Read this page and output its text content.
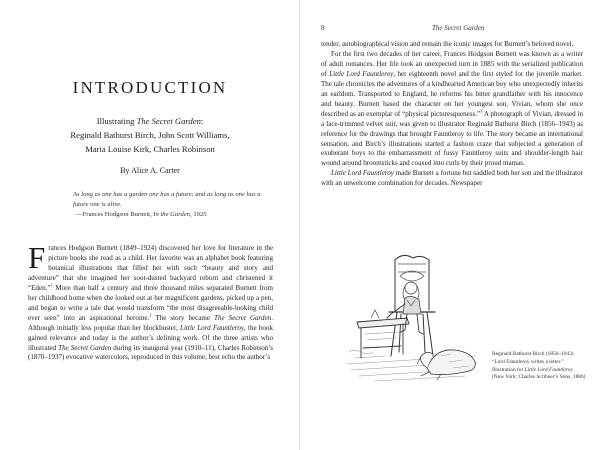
INTRODUCTION
Illustrating The Secret Garden:
Reginald Bathurst Birch, John Scott Williams,
Maria Louise Kirk, Charles Robinson
By Alice A. Carter
As long as one has a garden one has a future; and as long as one has a future one is alive.
—Frances Hodgson Burnett, In the Garden, 1925
Frances Hodgson Burnett (1849–1924) discovered her love for literature in the picture books she read as a child. Her favorite was an alphabet book featuring botanical illustrations that filled her with such “beauty and story and adventure” that she imagined her soot-dusted backyard reborn and christened it “Eden.”$^1$ More than half a century and three thousand miles separated Burnett from her childhood home when she looked out at her magnificent gardens, picked up a pen, and began to write a tale that would transform “the most disagreeable-looking child ever seen” into an aspirational heroine.$^2$ The story became The Secret Garden. Although initially less popular than her blockbuster, Little Lord Fauntleroy, the book gained relevance and today is the author’s defining work. Of the three artists who illustrated The Secret Garden during its inaugural year (1910–11), Charles Robinson’s (1870–1937) evocative watercolors, reproduced in this volume, best echo the author’s
8	The Secret Garden

tender, autobiographical vision and remain the iconic images for Burnett’s beloved novel.

For the first two decades of her career, Frances Hodgson Burnett was known as a writer of adult romances. Her life took an unexpected turn in 1885 with the serialized publication of Little Lord Fauntleroy, her eighteenth novel and the first styled for the juvenile market. The tale chronicles the adventures of a kindhearted American boy who unexpectedly inherits an earldom. Transported to England, he reforms his bitter grandfather with his innocence and beauty. Burnett based the character on her youngest son, Vivian, whom she once described as an exemplar of “physical picturesqueness.”$^3$ A photograph of Vivian, dressed in a lace-trimmed velvet suit, was given to illustrator Reginald Bathurst Birch (1856–1943) as reference for the drawings that brought Fauntleroy to life. The story became an international sensation, and Birch’s illustrations started a fashion craze that subjected a generation of exuberant boys to the embarrassment of fussy Fauntleroy suits and shoulder-length hair wound around broomsticks and coaxed into curls by their proud mamas.

Little Lord Fauntleroy made Burnett a fortune but saddled both her son and the illustrator with an unwelcome combination for decades. Newspaper

Reginald Bathurst Birch (1856–1943)
“Lord Fauntleroy writes a letter.”
Illustration for Little Lord Fauntleroy
(New York: Charles Scribner’s Sons, 1886)
